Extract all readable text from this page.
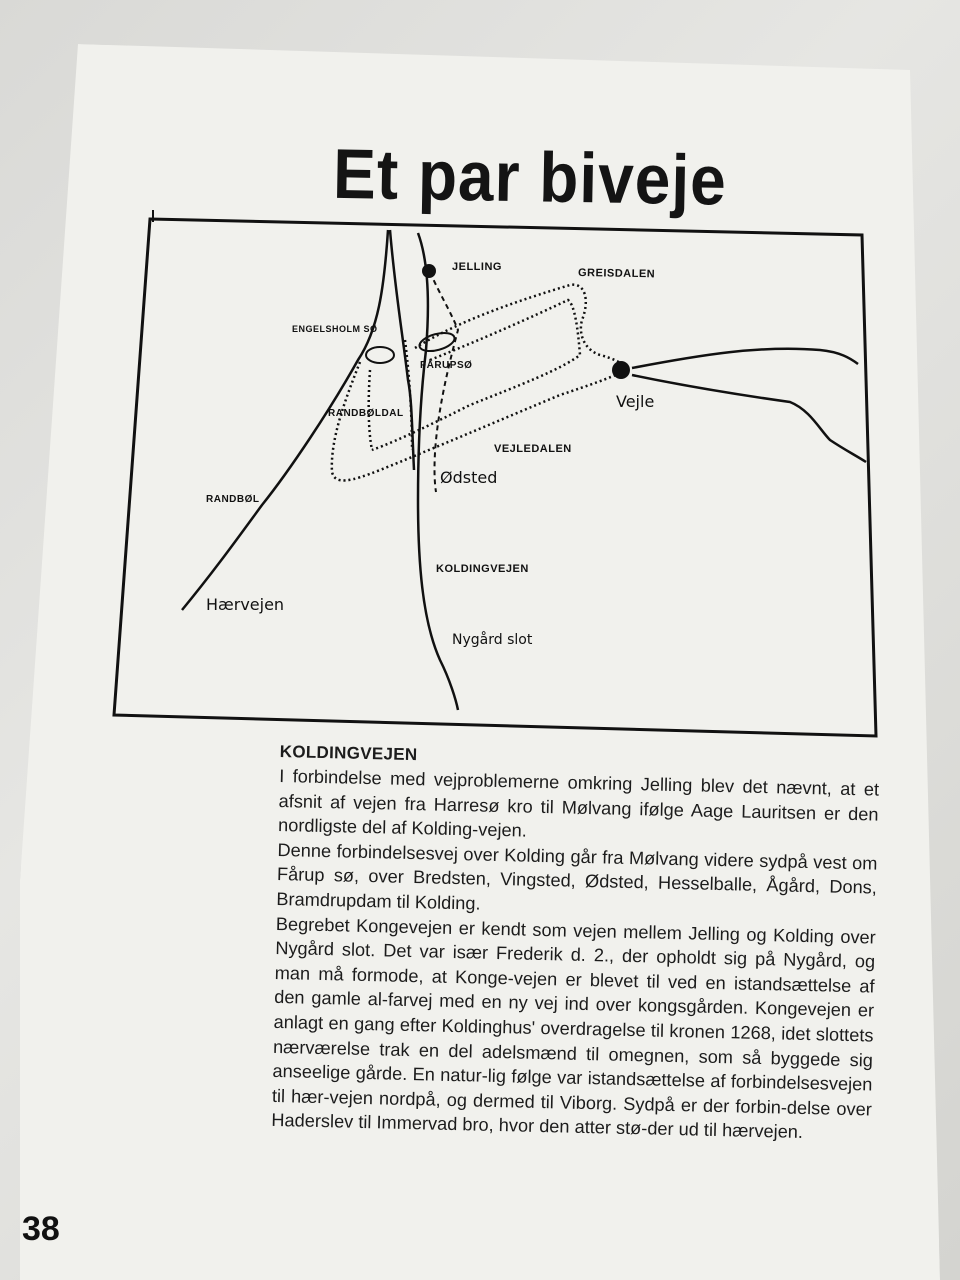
Et par biveje
JELLING
GREISDALEN
ENGELSHOLM SØ
FÅRUPSØ
RANDBØLDAL
Vejle
VEJLEDALEN
Ødsted
RANDBØL
KOLDINGVEJEN
Hærvejen
Nygård slot
KOLDINGVEJEN

I forbindelse med vejproblemerne omkring Jelling blev det nævnt, at et afsnit af vejen fra Harresø kro til Mølvang ifølge Aage Lauritsen er den nordligste del af Kolding-vejen.

Denne forbindelsesvej over Kolding går fra Mølvang videre sydpå vest om Fårup sø, over Bredsten, Vingsted, Ødsted, Hesselballe, Ågård, Dons, Bramdrupdam til Kolding.

Begrebet Kongevejen er kendt som vejen mellem Jelling og Kolding over Nygård slot. Det var især Frederik d. 2., der opholdt sig på Nygård, og man må formode, at Konge-vejen er blevet til ved en istandsættelse af den gamle al-farvej med en ny vej ind over kongsgården. Kongevejen er anlagt en gang efter Koldinghus' overdragelse til kronen 1268, idet slottets nærværelse trak en del adelsmænd til omegnen, som så byggede sig anseelige gårde. En natur-lig følge var istandsættelse af forbindelsesvejen til hær-vejen nordpå, og dermed til Viborg. Sydpå er der forbin-delse over Haderslev til Immervad bro, hvor den atter stø-der ud til hærvejen.

38
